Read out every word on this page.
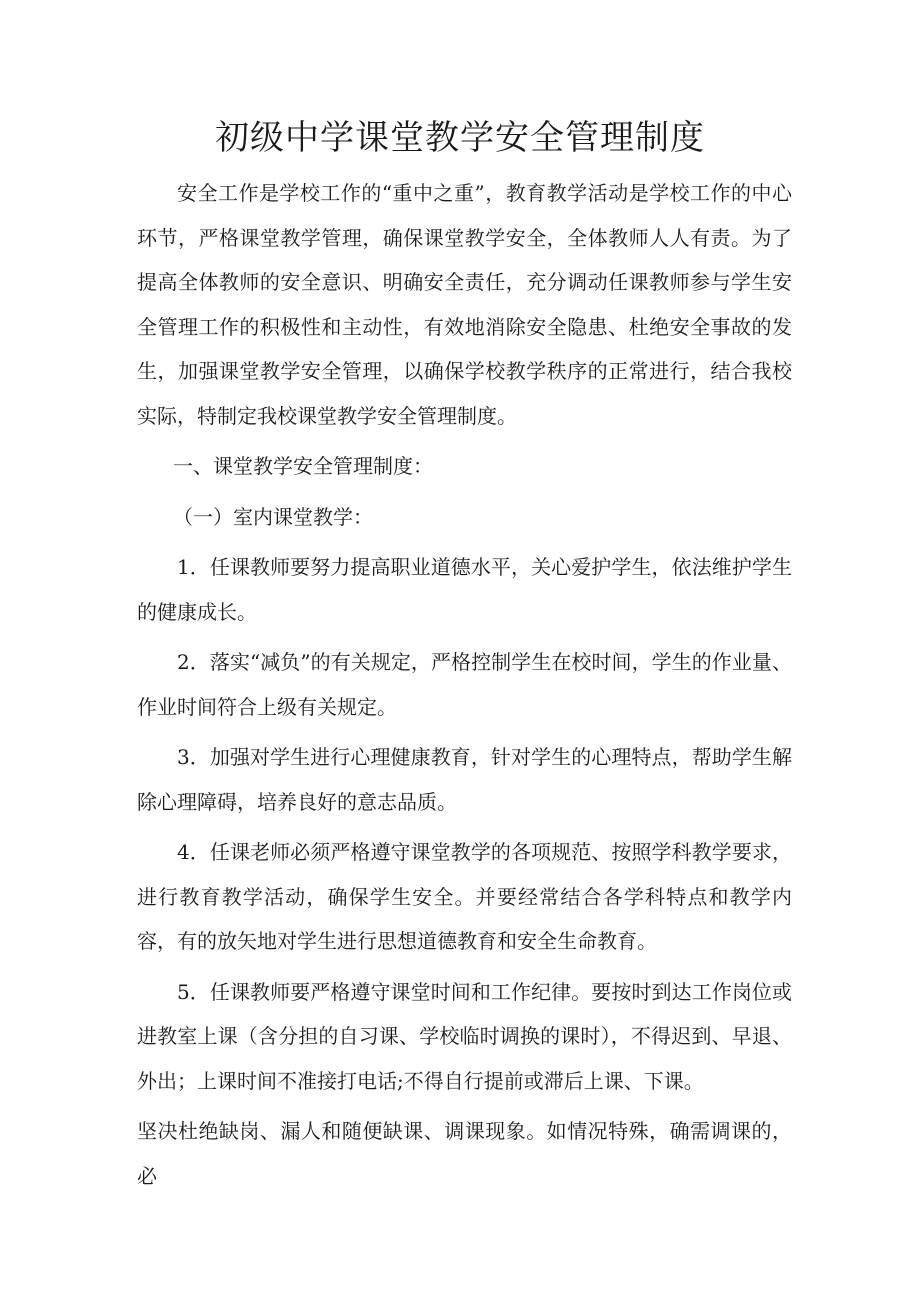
初级中学课堂教学安全管理制度

安全工作是学校工作的“重中之重”，教育教学活动是学校工作的中心环节，严格课堂教学管理，确保课堂教学安全，全体教师人人有责。为了提高全体教师的安全意识、明确安全责任，充分调动任课教师参与学生安全管理工作的积极性和主动性，有效地消除安全隐患、杜绝安全事故的发生，加强课堂教学安全管理，以确保学校教学秩序的正常进行，结合我校实际，特制定我校课堂教学安全管理制度。

一、课堂教学安全管理制度：

（一）室内课堂教学：

1．任课教师要努力提高职业道德水平，关心爱护学生，依法维护学生的健康成长。

2．落实“减负”的有关规定，严格控制学生在校时间，学生的作业量、作业时间符合上级有关规定。

3．加强对学生进行心理健康教育，针对学生的心理特点，帮助学生解除心理障碍，培养良好的意志品质。

4．任课老师必须严格遵守课堂教学的各项规范、按照学科教学要求，进行教育教学活动，确保学生安全。并要经常结合各学科特点和教学内容，有的放矢地对学生进行思想道德教育和安全生命教育。

5．任课教师要严格遵守课堂时间和工作纪律。要按时到达工作岗位或进教室上课（含分担的自习课、学校临时调换的课时），不得迟到、早退、外出；上课时间不准接打电话;不得自行提前或滞后上课、下课。

坚决杜绝缺岗、漏人和随便缺课、调课现象。如情况特殊，确需调课的，必
